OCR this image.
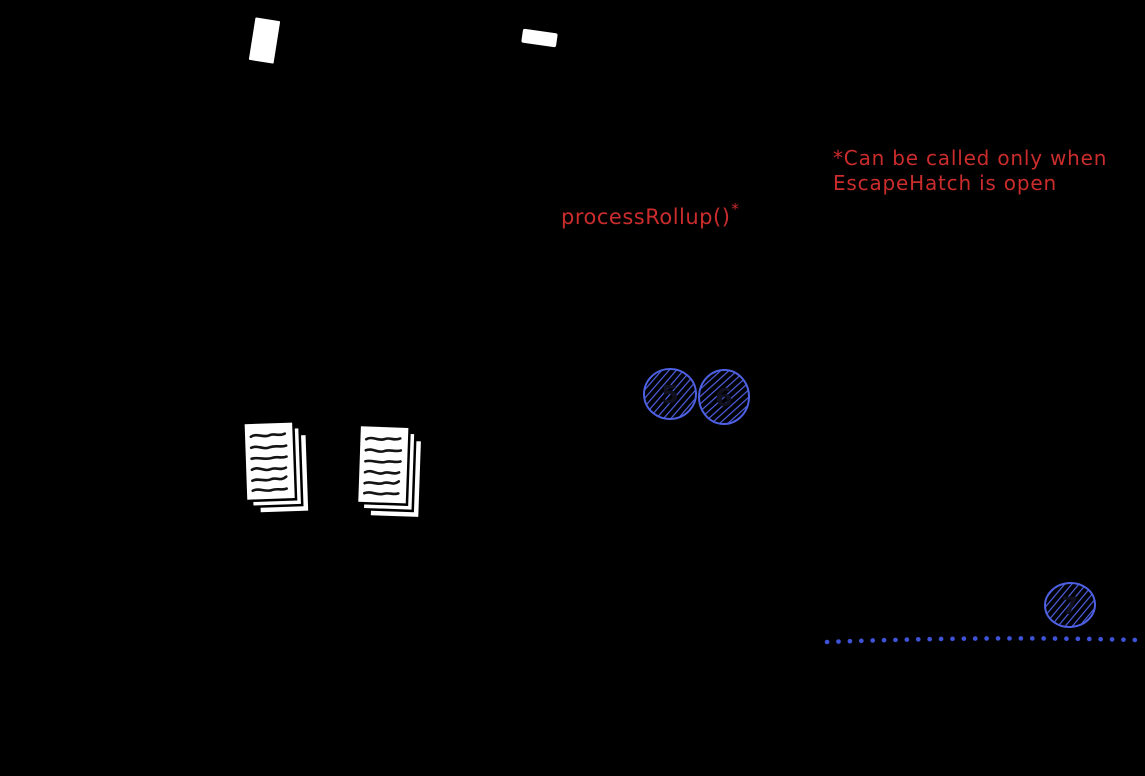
processRollup()*
*Can be called only when
EscapeHatch is open
5 6
7
